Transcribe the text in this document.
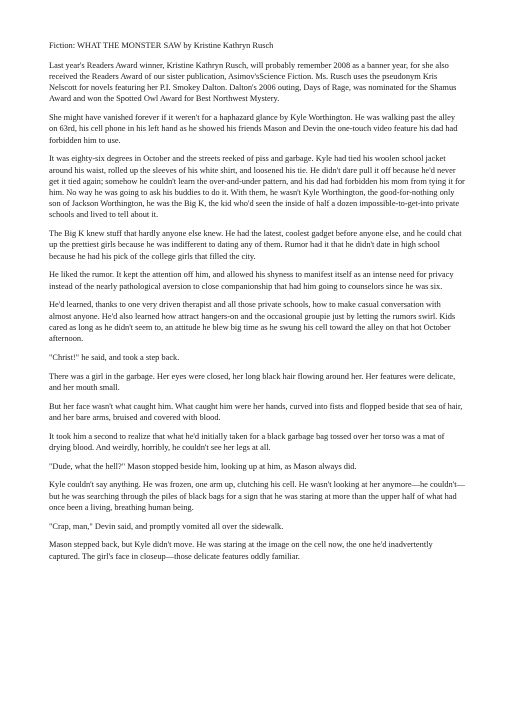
Fiction: WHAT THE MONSTER SAW by Kristine Kathryn Rusch

Last year's Readers Award winner, Kristine Kathryn Rusch, will probably remember 2008 as a banner year, for she also received the Readers Award of our sister publication, Asimov'sScience Fiction. Ms. Rusch uses the pseudonym Kris Nelscott for novels featuring her P.I. Smokey Dalton. Dalton's 2006 outing, Days of Rage, was nominated for the Shamus Award and won the Spotted Owl Award for Best Northwest Mystery.

She might have vanished forever if it weren't for a haphazard glance by Kyle Worthington. He was walking past the alley on 63rd, his cell phone in his left hand as he showed his friends Mason and Devin the one-touch video feature his dad had forbidden him to use.

It was eighty-six degrees in October and the streets reeked of piss and garbage. Kyle had tied his woolen school jacket around his waist, rolled up the sleeves of his white shirt, and loosened his tie. He didn't dare pull it off because he'd never get it tied again; somehow he couldn't learn the over-and-under pattern, and his dad had forbidden his mom from tying it for him. No way he was going to ask his buddies to do it. With them, he wasn't Kyle Worthington, the good-for-nothing only son of Jackson Worthington, he was the Big K, the kid who'd seen the inside of half a dozen impossible-to-get-into private schools and lived to tell about it.

The Big K knew stuff that hardly anyone else knew. He had the latest, coolest gadget before anyone else, and he could chat up the prettiest girls because he was indifferent to dating any of them. Rumor had it that he didn't date in high school because he had his pick of the college girls that filled the city.

He liked the rumor. It kept the attention off him, and allowed his shyness to manifest itself as an intense need for privacy instead of the nearly pathological aversion to close companionship that had him going to counselors since he was six.

He'd learned, thanks to one very driven therapist and all those private schools, how to make casual conversation with almost anyone. He'd also learned how attract hangers-on and the occasional groupie just by letting the rumors swirl. Kids cared as long as he didn't seem to, an attitude he blew big time as he swung his cell toward the alley on that hot October afternoon.

"Christ!" he said, and took a step back.

There was a girl in the garbage. Her eyes were closed, her long black hair flowing around her. Her features were delicate, and her mouth small.

But her face wasn't what caught him. What caught him were her hands, curved into fists and flopped beside that sea of hair, and her bare arms, bruised and covered with blood.

It took him a second to realize that what he'd initially taken for a black garbage bag tossed over her torso was a mat of drying blood. And weirdly, horribly, he couldn't see her legs at all.

"Dude, what the hell?" Mason stopped beside him, looking up at him, as Mason always did.

Kyle couldn't say anything. He was frozen, one arm up, clutching his cell. He wasn't looking at her anymore—he couldn't—but he was searching through the piles of black bags for a sign that he was staring at more than the upper half of what had once been a living, breathing human being.

"Crap, man," Devin said, and promptly vomited all over the sidewalk.

Mason stepped back, but Kyle didn't move. He was staring at the image on the cell now, the one he'd inadvertently captured. The girl's face in closeup—those delicate features oddly familiar.
